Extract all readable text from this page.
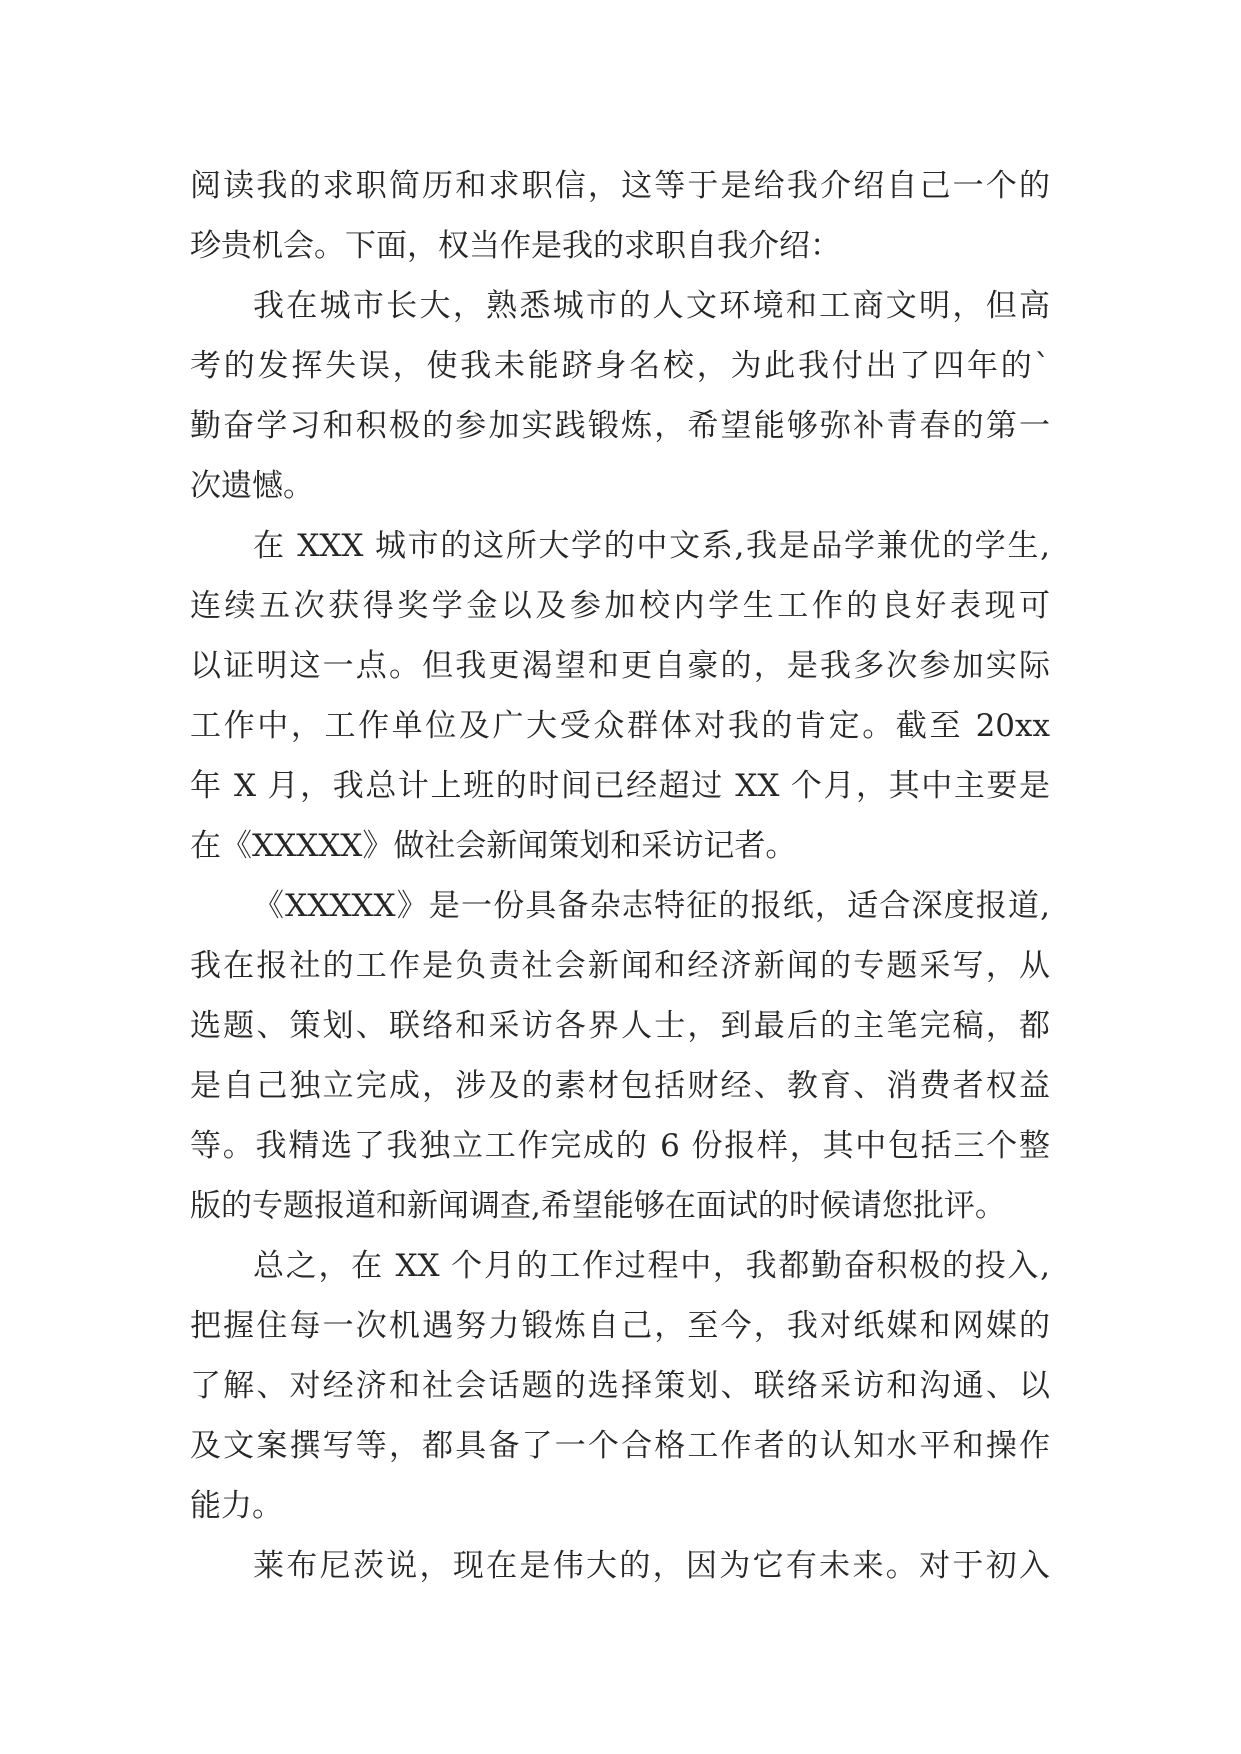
阅读我的求职简历和求职信，这等于是给我介绍自己一个的
珍贵机会。下面，权当作是我的求职自我介绍：
我在城市长大，熟悉城市的人文环境和工商文明，但高
考的发挥失误，使我未能跻身名校，为此我付出了四年的`
勤奋学习和积极的参加实践锻炼，希望能够弥补青春的第一
次遗憾。
在 XXX 城市的这所大学的中文系,我是品学兼优的学生,
连续五次获得奖学金以及参加校内学生工作的良好表现可
以证明这一点。但我更渴望和更自豪的，是我多次参加实际
工作中，工作单位及广大受众群体对我的肯定。截至 20xx
年 X 月，我总计上班的时间已经超过 XX 个月，其中主要是
在《XXXXX》做社会新闻策划和采访记者。
《XXXXX》是一份具备杂志特征的报纸，适合深度报道,
我在报社的工作是负责社会新闻和经济新闻的专题采写，从
选题、策划、联络和采访各界人士，到最后的主笔完稿，都
是自己独立完成，涉及的素材包括财经、教育、消费者权益
等。我精选了我独立工作完成的 6 份报样，其中包括三个整
版的专题报道和新闻调查,希望能够在面试的时候请您批评。
总之，在 XX 个月的工作过程中，我都勤奋积极的投入,
把握住每一次机遇努力锻炼自己，至今，我对纸媒和网媒的
了解、对经济和社会话题的选择策划、联络采访和沟通、以
及文案撰写等，都具备了一个合格工作者的认知水平和操作
能力。
莱布尼茨说，现在是伟大的，因为它有未来。对于初入
